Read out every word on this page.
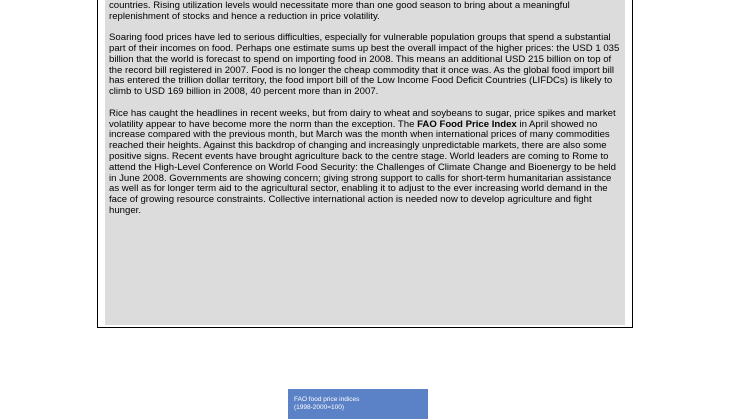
countries. Rising utilization levels would necessitate more than one good season to bring about a meaningful replenishment of stocks and hence a reduction in price volatility.

Soaring food prices have led to serious difficulties, especially for vulnerable population groups that spend a substantial part of their incomes on food. Perhaps one estimate sums up best the overall impact of the higher prices: the USD 1 035 billion that the world is forecast to spend on importing food in 2008. This means an additional USD 215 billion on top of the record bill registered in 2007. Food is no longer the cheap commodity that it once was. As the global food import bill has entered the trillion dollar territory, the food import bill of the Low Income Food Deficit Countries (LIFDCs) is likely to climb to USD 169 billion in 2008, 40 percent more than in 2007.

Rice has caught the headlines in recent weeks, but from dairy to wheat and soybeans to sugar, price spikes and market volatility appear to have become more the norm than the exception. The FAO Food Price Index in April showed no increase compared with the previous month, but March was the month when international prices of many commodities reached their heights. Against this backdrop of changing and increasingly unpredictable markets, there are also some positive signs. Recent events have brought agriculture back to the centre stage. World leaders are coming to Rome to attend the High-Level Conference on World Food Security: the Challenges of Climate Change and Bioenergy to be held in June 2008. Governments are showing concern; giving strong support to calls for short-term humanitarian assistance as well as for longer term aid to the agricultural sector, enabling it to adjust to the ever increasing world demand in the face of growing resource constraints. Collective international action is needed now to develop agriculture and fight hunger.

FAO food price indices
(1998-2000=100)
